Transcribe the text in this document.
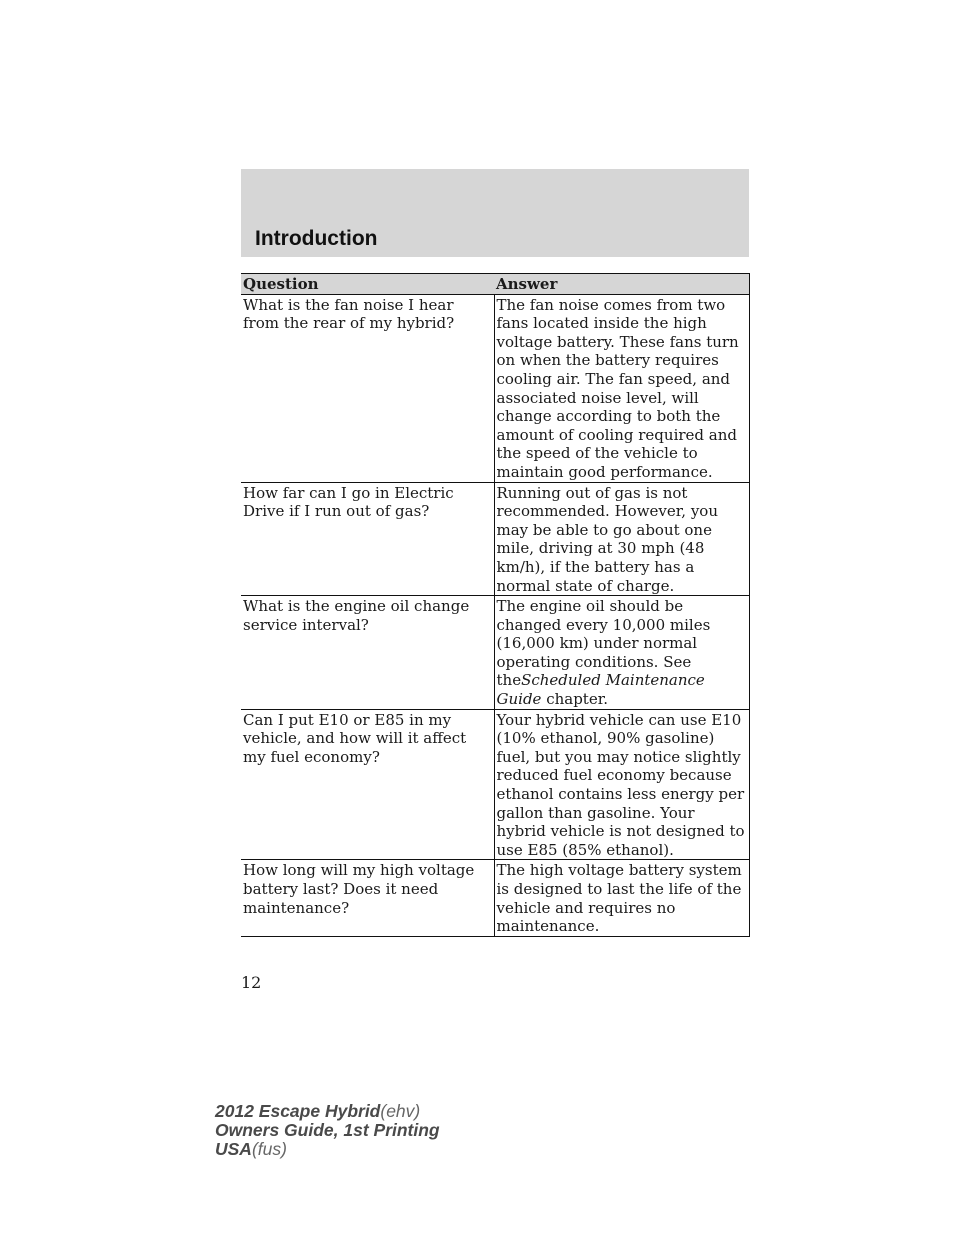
Introduction
Question	Answer
What is the fan noise I hear from the rear of my hybrid?	The fan noise comes from two fans located inside the high voltage battery. These fans turn on when the battery requires cooling air. The fan speed, and associated noise level, will change according to both the amount of cooling required and the speed of the vehicle to maintain good performance.
How far can I go in Electric Drive if I run out of gas?	Running out of gas is not recommended. However, you may be able to go about one mile, driving at 30 mph (48 km/h), if the battery has a normal state of charge.
What is the engine oil change service interval?	The engine oil should be changed every 10,000 miles (16,000 km) under normal operating conditions. See theScheduled Maintenance Guide chapter.
Can I put E10 or E85 in my vehicle, and how will it affect my fuel economy?	Your hybrid vehicle can use E10 (10% ethanol, 90% gasoline) fuel, but you may notice slightly reduced fuel economy because ethanol contains less energy per gallon than gasoline. Your hybrid vehicle is not designed to use E85 (85% ethanol).
How long will my high voltage battery last? Does it need maintenance?	The high voltage battery system is designed to last the life of the vehicle and requires no maintenance.
12
2012 Escape Hybrid(ehv)
Owners Guide, 1st Printing
USA(fus)
